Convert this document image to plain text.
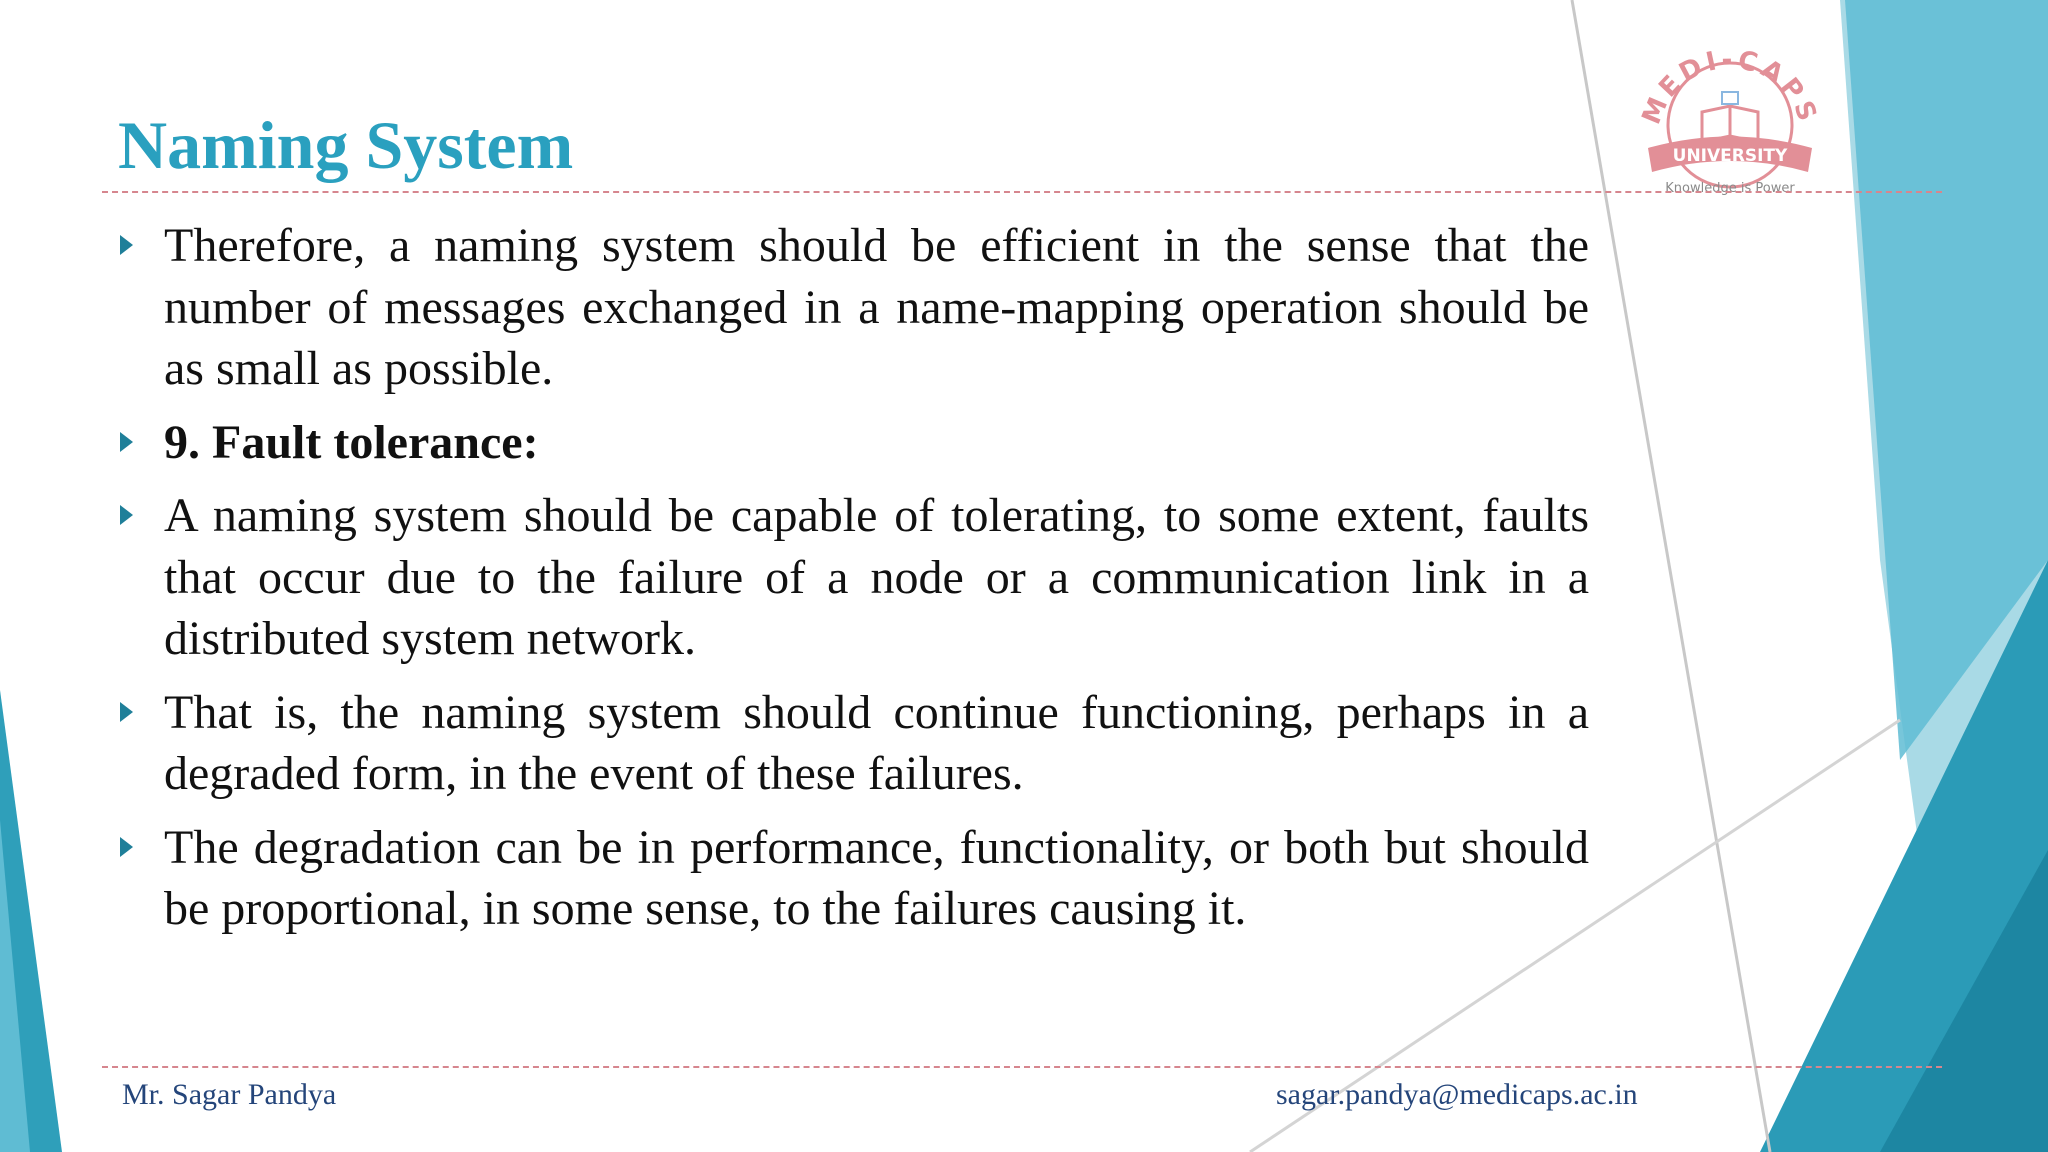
MEDI-CAPS
UNIVERSITY
Knowledge is Power
Naming System
Therefore, a naming system should be efficient in the sense that the number of messages exchanged in a name-mapping operation should be as small as possible.
9. Fault tolerance:
A naming system should be capable of tolerating, to some extent, faults that occur due to the failure of a node or a communication link in a distributed system network.
That is, the naming system should continue functioning, perhaps in a degraded form, in the event of these failures.
The degradation can be in performance, functionality, or both but should be proportional, in some sense, to the failures causing it.
Mr. Sagar Pandya	sagar.pandya@medicaps.ac.in
